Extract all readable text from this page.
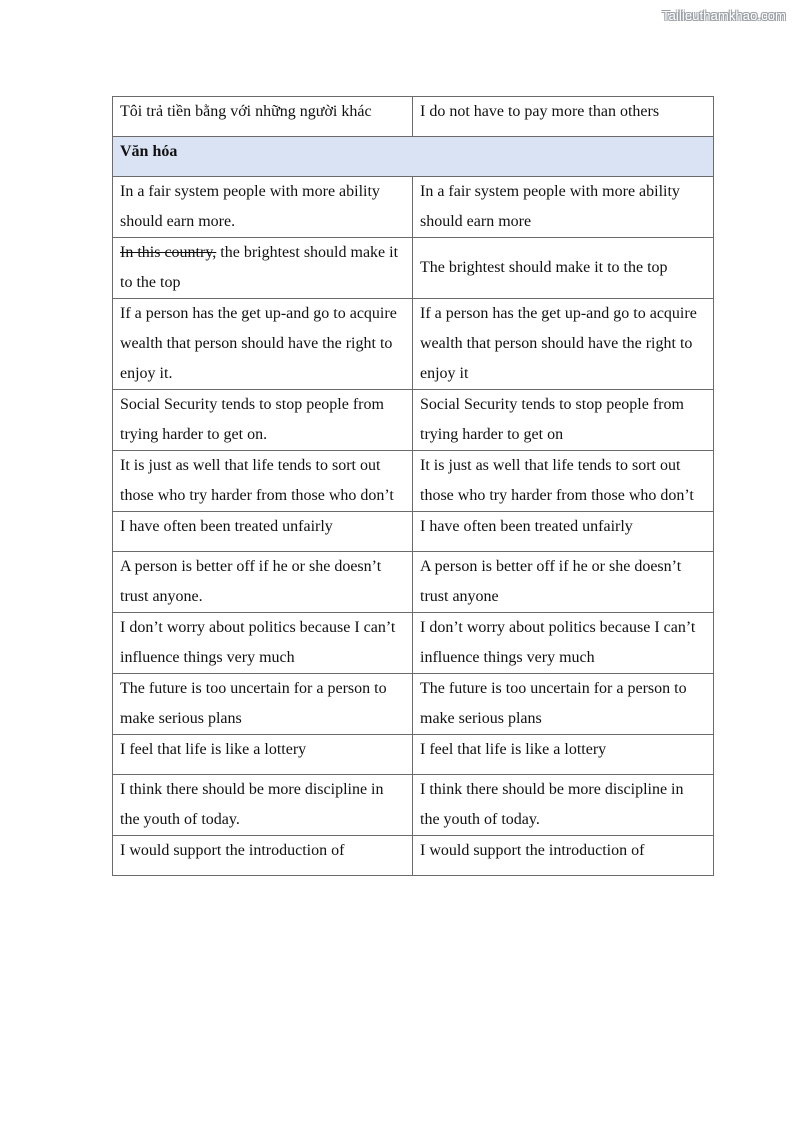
Tailieuthamkhao.com
Tôi trả tiền bằng với những người khác	I do not have to pay more than others
Văn hóa	
In a fair system people with more ability should earn more.	In a fair system people with more ability should earn more
In this country, the brightest should make it to the top	The brightest should make it to the top
If a person has the get up-and go to acquire wealth that person should have the right to enjoy it.	If a person has the get up-and go to acquire wealth that person should have the right to enjoy it
Social Security tends to stop people from trying harder to get on.	Social Security tends to stop people from trying harder to get on
It is just as well that life tends to sort out those who try harder from those who don’t	It is just as well that life tends to sort out those who try harder from those who don’t
I have often been treated unfairly	I have often been treated unfairly
A person is better off if he or she doesn’t trust anyone.	A person is better off if he or she doesn’t trust anyone
I don’t worry about politics because I can’t influence things very much	I don’t worry about politics because I can’t influence things very much
The future is too uncertain for a person to make serious plans	The future is too uncertain for a person to make serious plans
I feel that life is like a lottery	I feel that life is like a lottery
I think there should be more discipline in the youth of today.	I think there should be more discipline in the youth of today.
I would support the introduction of	I would support the introduction of
